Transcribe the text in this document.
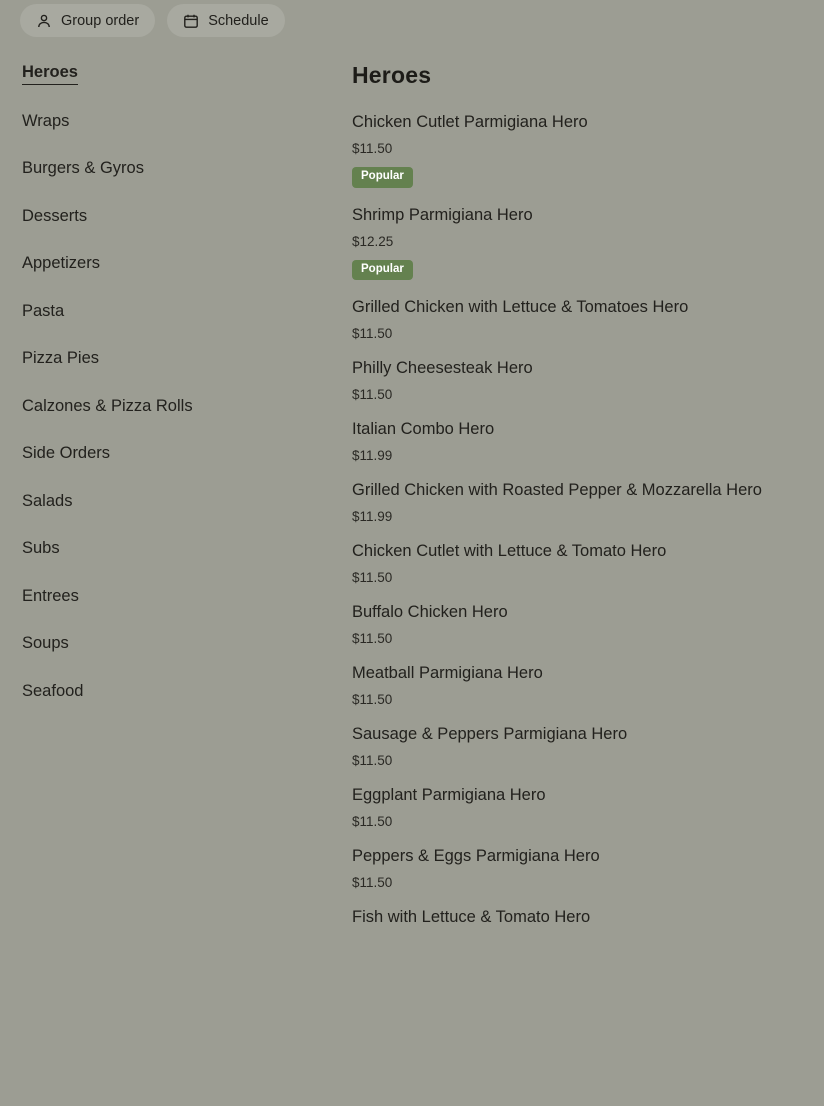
Group order	Schedule
Heroes
Wraps
Burgers & Gyros
Desserts
Appetizers
Pasta
Pizza Pies
Calzones & Pizza Rolls
Side Orders
Salads
Subs
Entrees
Soups
Seafood
Heroes
Chicken Cutlet Parmigiana Hero
$11.50
Popular
Shrimp Parmigiana Hero
$12.25
Popular
Grilled Chicken with Lettuce & Tomatoes Hero
$11.50
Philly Cheesesteak Hero
$11.50
Italian Combo Hero
$11.99
Grilled Chicken with Roasted Pepper & Mozzarella Hero
$11.99
Chicken Cutlet with Lettuce & Tomato Hero
$11.50
Buffalo Chicken Hero
$11.50
Meatball Parmigiana Hero
$11.50
Sausage & Peppers Parmigiana Hero
$11.50
Eggplant Parmigiana Hero
$11.50
Peppers & Eggs Parmigiana Hero
$11.50
Fish with Lettuce & Tomato Hero
